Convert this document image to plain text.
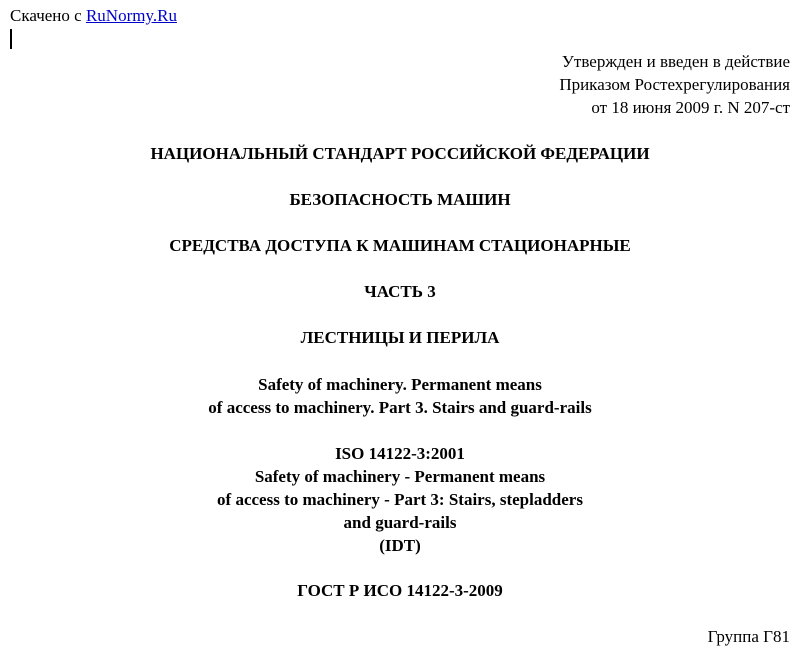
Скачено с RuNormy.Ru
Утвержден и введен в действие
Приказом Ростехрегулирования
от 18 июня 2009 г. N 207-ст
НАЦИОНАЛЬНЫЙ СТАНДАРТ РОССИЙСКОЙ ФЕДЕРАЦИИ
БЕЗОПАСНОСТЬ МАШИН
СРЕДСТВА ДОСТУПА К МАШИНАМ СТАЦИОНАРНЫЕ
ЧАСТЬ 3
ЛЕСТНИЦЫ И ПЕРИЛА
Safety of machinery. Permanent means
of access to machinery. Part 3. Stairs and guard-rails
ISO 14122-3:2001
Safety of machinery - Permanent means
of access to machinery - Part 3: Stairs, stepladders
and guard-rails
(IDT)
ГОСТ Р ИСО 14122-3-2009
Группа Г81
